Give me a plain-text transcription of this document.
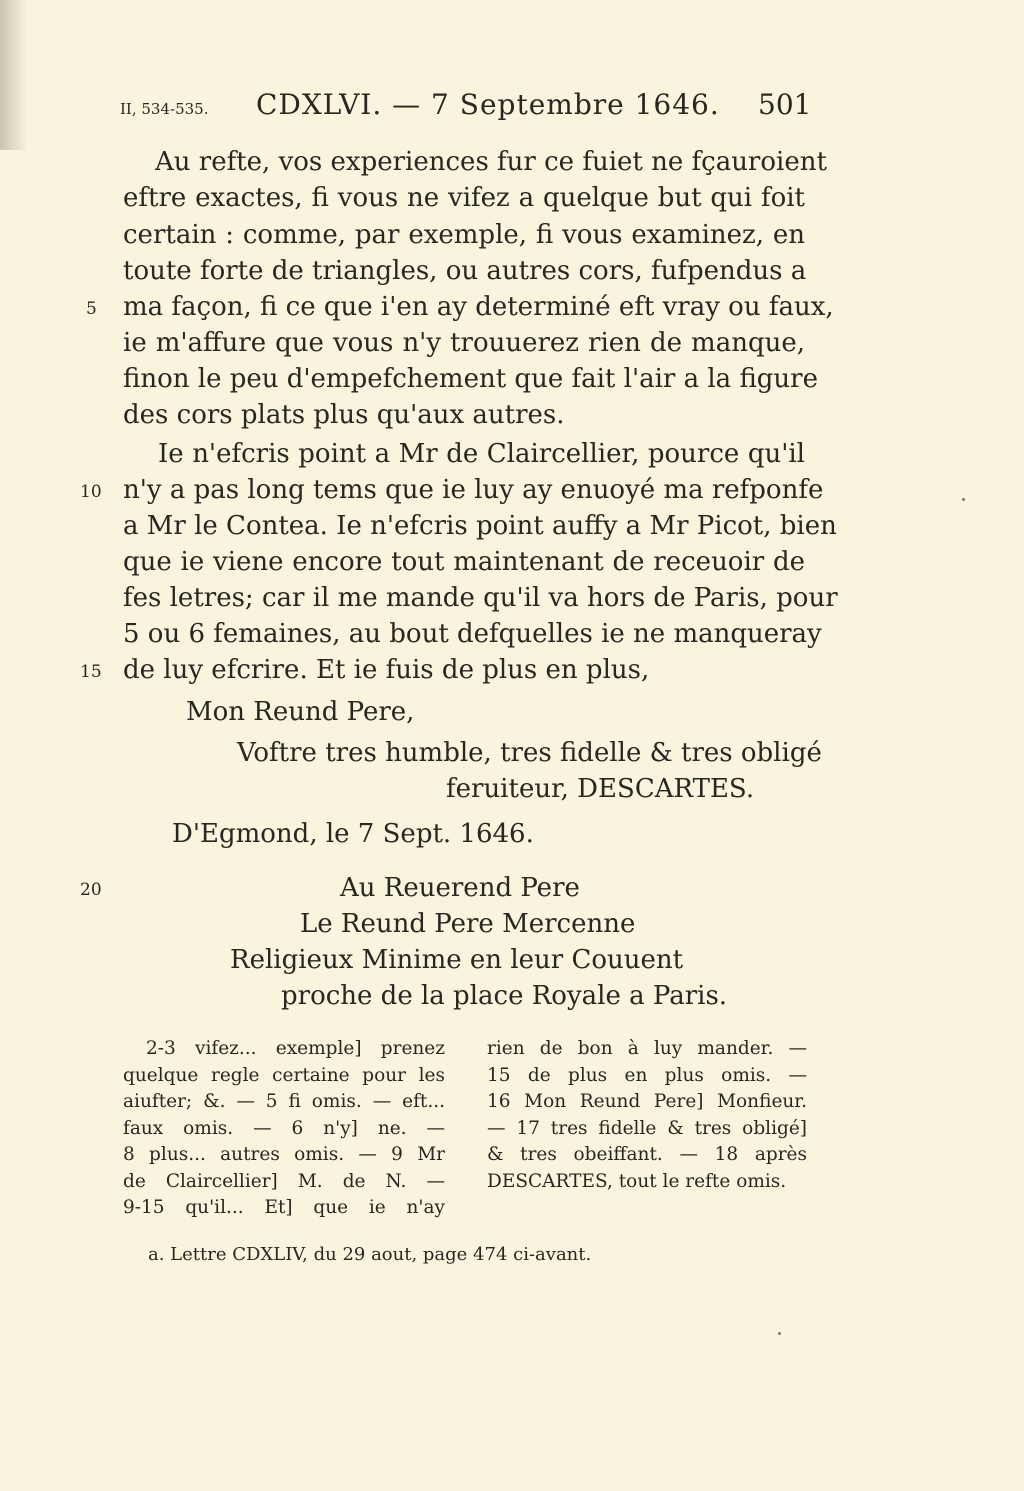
II, 534-535. CDXLVI. — 7 Septembre 1646. 501
Au refte, vos experiences fur ce fuiet ne fçauroient
eftre exactes, fi vous ne vifez a quelque but qui foit
certain : comme, par exemple, fi vous examinez, en
toute forte de triangles, ou autres cors, fufpendus a
ma façon, fi ce que i'en ay determiné eft vray ou faux,
ie m'affure que vous n'y trouuerez rien de manque,
finon le peu d'empefchement que fait l'air a la figure
des cors plats plus qu'aux autres.
Ie n'efcris point a Mr de Claircellier, pource qu'il
n'y a pas long tems que ie luy ay enuoyé ma refponfe
a Mr le Contea. Ie n'efcris point auffy a Mr Picot, bien
que ie viene encore tout maintenant de receuoir de
fes letres; car il me mande qu'il va hors de Paris, pour
5 ou 6 femaines, au bout defquelles ie ne manqueray
de luy efcrire. Et ie fuis de plus en plus,
5
10
15
20
Mon Reund Pere,
Voftre tres humble, tres fidelle & tres obligé
feruiteur, DESCARTES.
D'Egmond, le 7 Sept. 1646.
Au Reuerend Pere
Le Reund Pere Mercenne
Religieux Minime en leur Couuent
proche de la place Royale a Paris.
2-3 vifez... exemple] prenez
quelque regle certaine pour les
aiufter; &. — 5 fi omis. — eft...
faux omis. — 6 n'y] ne. —
8 plus... autres omis. — 9 Mr
de Claircellier] M. de N. —
9-15 qu'il... Et] que ie n'ay
rien de bon à luy mander. —
15 de plus en plus omis. —
16 Mon Reund Pere] Monfieur.
— 17 tres fidelle & tres obligé]
& tres obeiffant. — 18 après
DESCARTES, tout le refte omis.
a. Lettre CDXLIV, du 29 aout, page 474 ci-avant.
